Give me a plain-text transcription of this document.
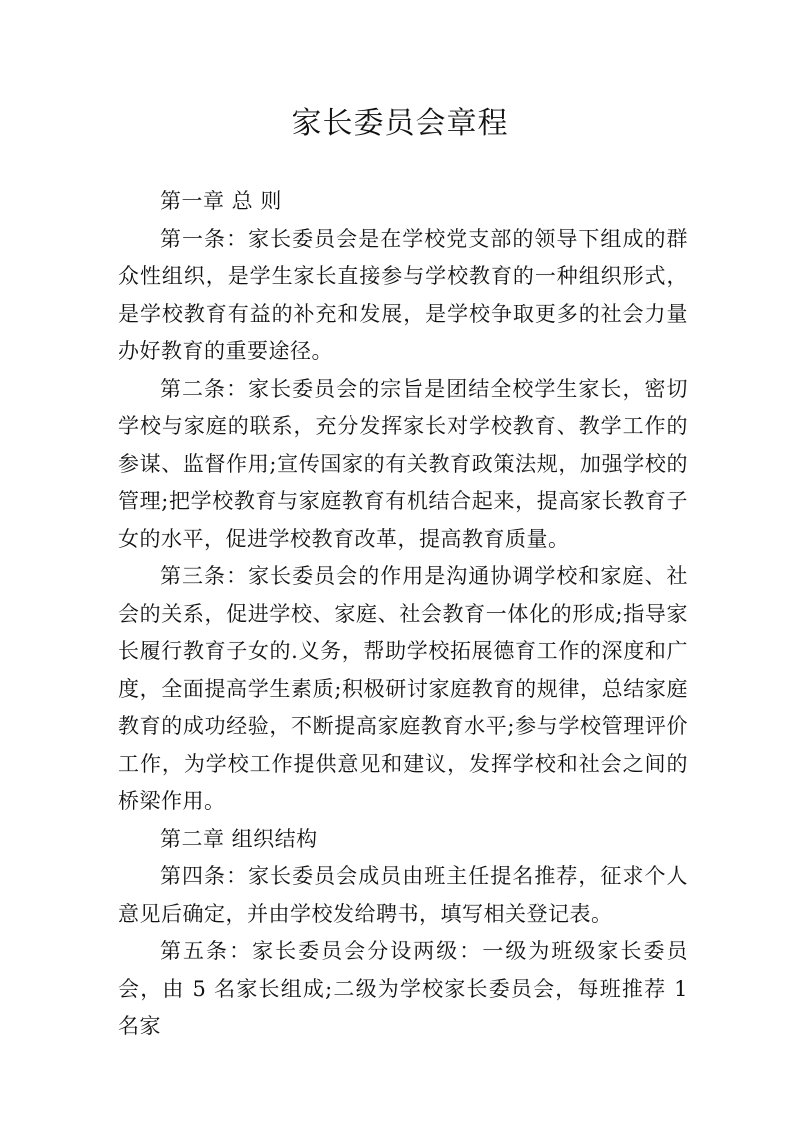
家长委员会章程

第一章 总 则

第一条：家长委员会是在学校党支部的领导下组成的群众性组织，是学生家长直接参与学校教育的一种组织形式，是学校教育有益的补充和发展，是学校争取更多的社会力量办好教育的重要途径。

第二条：家长委员会的宗旨是团结全校学生家长，密切学校与家庭的联系，充分发挥家长对学校教育、教学工作的参谋、监督作用;宣传国家的有关教育政策法规，加强学校的管理;把学校教育与家庭教育有机结合起来，提高家长教育子女的水平，促进学校教育改革，提高教育质量。

第三条：家长委员会的作用是沟通协调学校和家庭、社会的关系，促进学校、家庭、社会教育一体化的形成;指导家长履行教育子女的.义务，帮助学校拓展德育工作的深度和广度，全面提高学生素质;积极研讨家庭教育的规律，总结家庭教育的成功经验，不断提高家庭教育水平;参与学校管理评价工作，为学校工作提供意见和建议，发挥学校和社会之间的桥梁作用。

第二章 组织结构

第四条：家长委员会成员由班主任提名推荐，征求个人意见后确定，并由学校发给聘书，填写相关登记表。

第五条：家长委员会分设两级：一级为班级家长委员会，由 5 名家长组成;二级为学校家长委员会，每班推荐 1 名家
